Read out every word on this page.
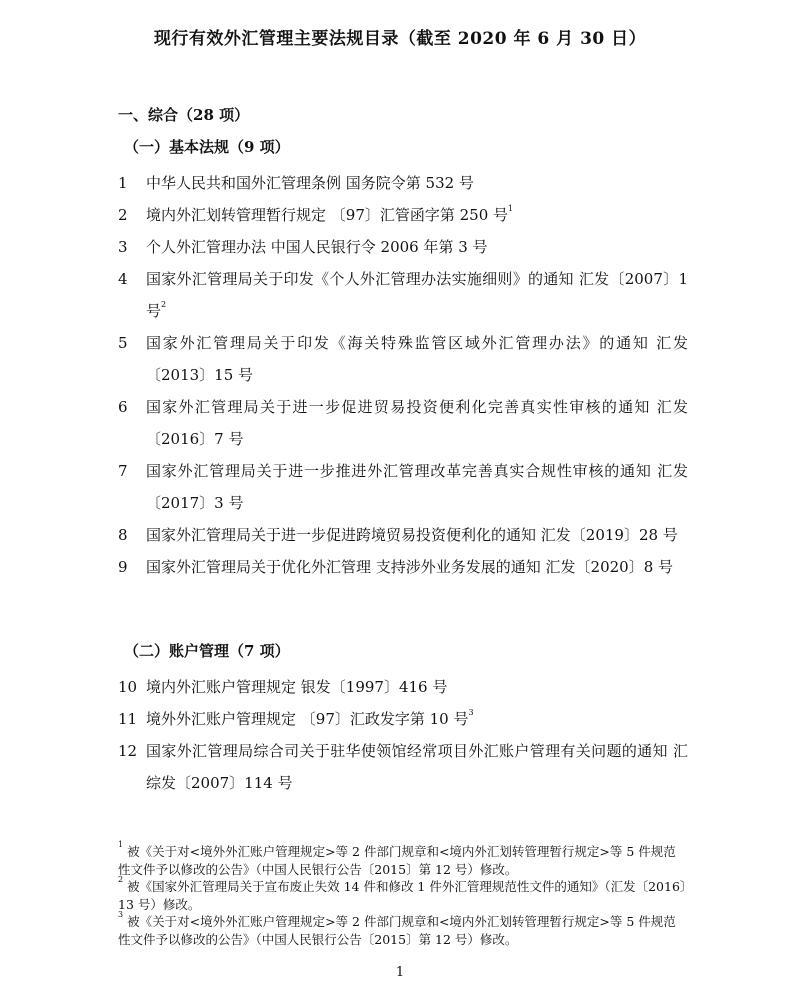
现行有效外汇管理主要法规目录（截至 2020 年 6 月 30 日）
一、综合（28 项）
（一）基本法规（9 项）
1 中华人民共和国外汇管理条例 国务院令第 532 号
2 境内外汇划转管理暂行规定 〔97〕汇管函字第 250 号$^1$
3 个人外汇管理办法 中国人民银行令 2006 年第 3 号
4 国家外汇管理局关于印发《个人外汇管理办法实施细则》的通知 汇发〔2007〕1 号$^2$
5 国家外汇管理局关于印发《海关特殊监管区域外汇管理办法》的通知 汇发〔2013〕15 号
6 国家外汇管理局关于进一步促进贸易投资便利化完善真实性审核的通知 汇发〔2016〕7 号
7 国家外汇管理局关于进一步推进外汇管理改革完善真实合规性审核的通知 汇发〔2017〕3 号
8 国家外汇管理局关于进一步促进跨境贸易投资便利化的通知 汇发〔2019〕28 号
9 国家外汇管理局关于优化外汇管理 支持涉外业务发展的通知 汇发〔2020〕8 号
（二）账户管理（7 项）
10 境内外汇账户管理规定 银发〔1997〕416 号
11 境外外汇账户管理规定 〔97〕汇政发字第 10 号$^3$
12 国家外汇管理局综合司关于驻华使领馆经常项目外汇账户管理有关问题的通知 汇综发〔2007〕114 号

$^1$ 被《关于对<境外外汇账户管理规定>等 2 件部门规章和<境内外汇划转管理暂行规定>等 5 件规范性文件予以修改的公告》（中国人民银行公告〔2015〕第 12 号）修改。

$^2$ 被《国家外汇管理局关于宣布废止失效 14 件和修改 1 件外汇管理规范性文件的通知》（汇发〔2016〕13 号）修改。

$^3$ 被《关于对<境外外汇账户管理规定>等 2 件部门规章和<境内外汇划转管理暂行规定>等 5 件规范性文件予以修改的公告》（中国人民银行公告〔2015〕第 12 号）修改。

1
